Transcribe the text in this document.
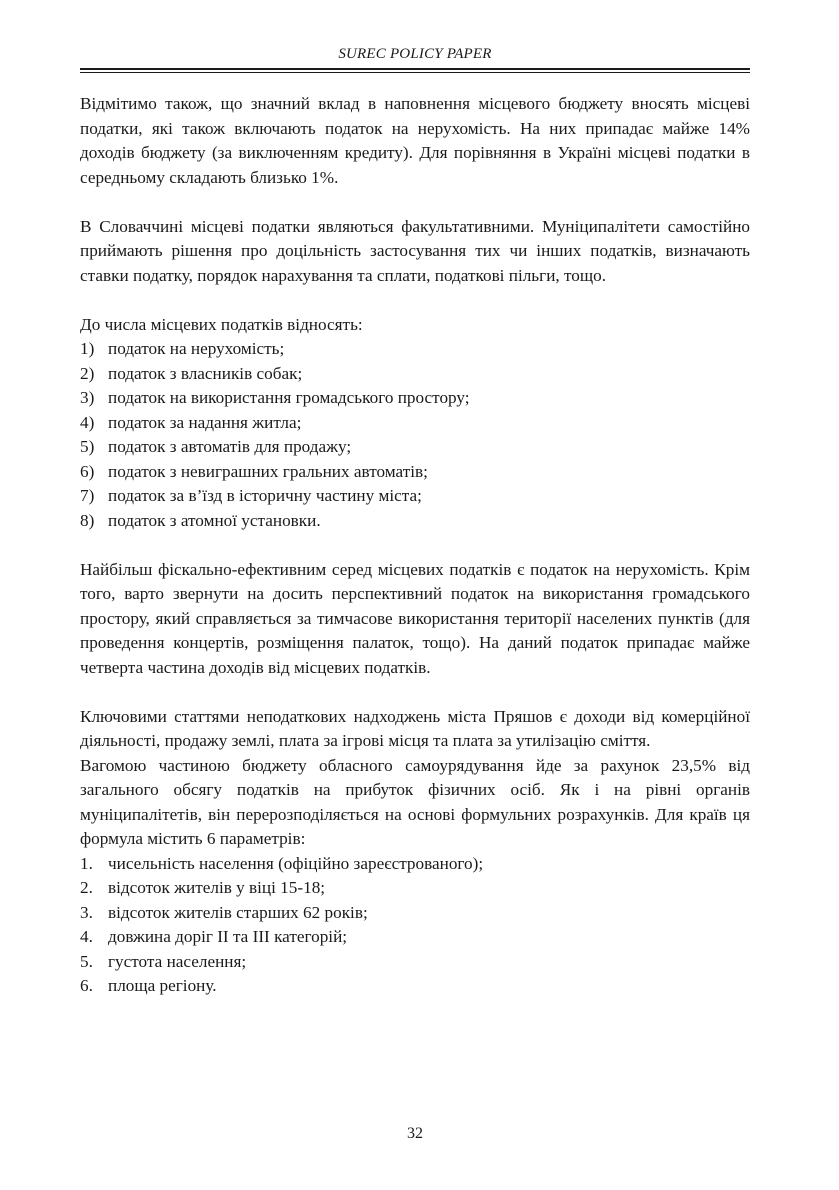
SUREC POLICY PAPER

Відмітимо також, що значний вклад в наповнення місцевого бюджету вносять місцеві податки, які також включають податок на нерухомість. На них припадає майже 14% доходів бюджету (за виключенням кредиту). Для порівняння в Україні місцеві податки в середньому складають близько 1%.

В Словаччині місцеві податки являються факультативними. Муніципалітети самостійно приймають рішення про доцільність застосування тих чи інших податків, визначають ставки податку, порядок нарахування та сплати, податкові пільги, тощо.

До числа місцевих податків відносять:

1) податок на нерухомість;
2) податок з власників собак;
3) податок на використання громадського простору;
4) податок за надання житла;
5) податок з автоматів для продажу;
6) податок з невиграшних гральних автоматів;
7) податок за в’їзд в історичну частину міста;
8) податок з атомної установки.

Найбільш фіскально-ефективним серед місцевих податків є податок на нерухомість. Крім того, варто звернути на досить перспективний податок на використання громадського простору, який справляється за тимчасове використання території населених пунктів (для проведення концертів, розміщення палаток, тощо). На даний податок припадає майже четверта частина доходів від місцевих податків.

Ключовими статтями неподаткових надходжень міста Пряшов є доходи від комерційної діяльності, продажу землі, плата за ігрові місця та плата за утилізацію сміття.

Вагомою частиною бюджету обласного самоурядування йде за рахунок 23,5% від загального обсягу податків на прибуток фізичних осіб. Як і на рівні органів муніципалітетів, він перерозподіляється на основі формульних розрахунків. Для країв ця формула містить 6 параметрів:

1. чисельність населення (офіційно зареєстрованого);
2. відсоток жителів у віці 15-18;
3. відсоток жителів старших 62 років;
4. довжина доріг ІІ та ІІІ категорій;
5. густота населення;
6. площа регіону.
32
